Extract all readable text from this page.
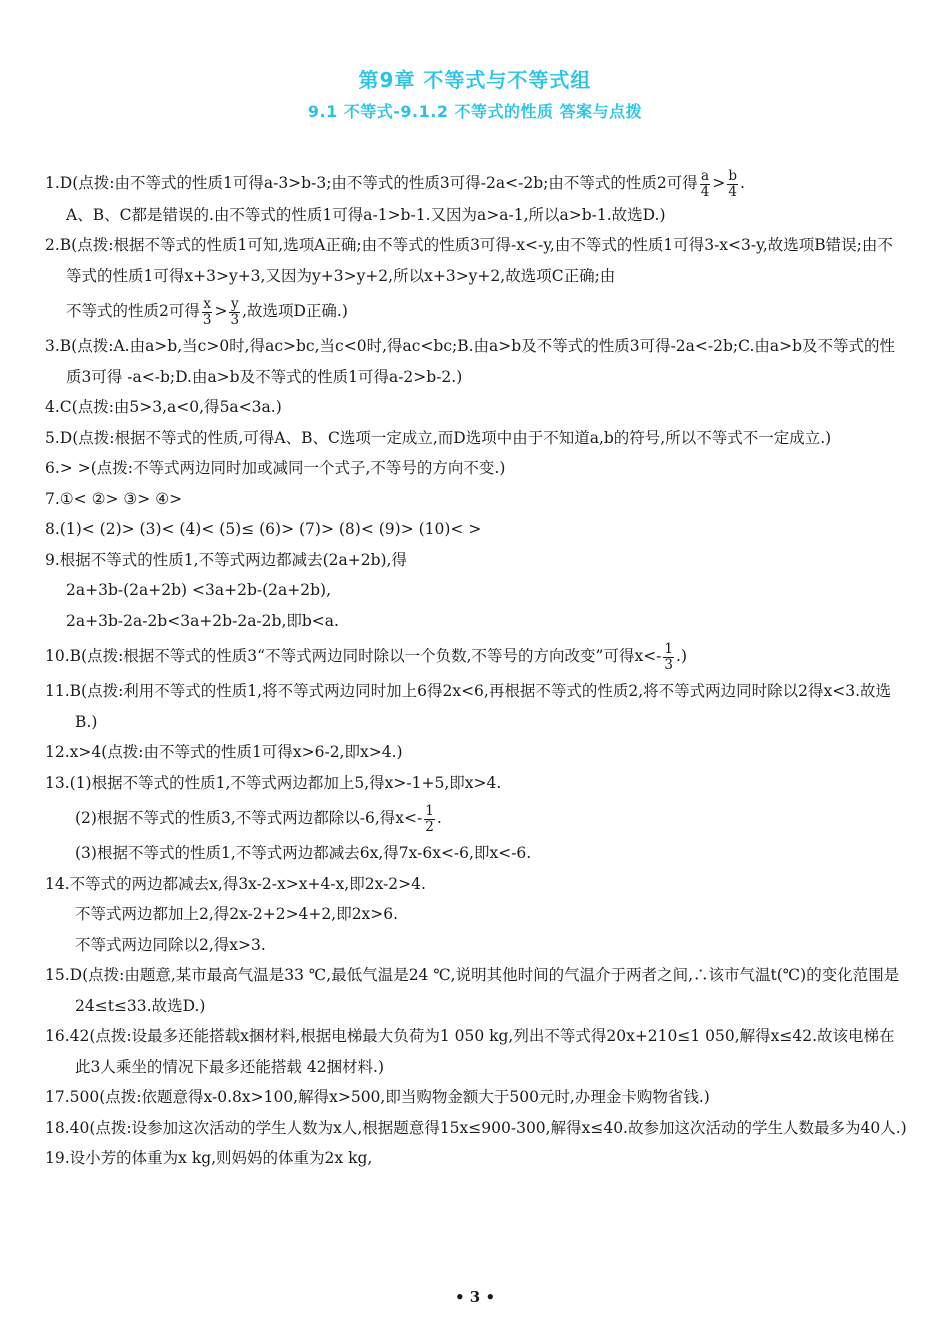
第9章 不等式与不等式组
9.1 不等式-9.1.2 不等式的性质 答案与点拨

1.D(点拨:由不等式的性质1可得a-3>b-3;由不等式的性质3可得-2a<-2b;由不等式的性质2可得 $\frac{a}{4} > \frac{b}{4}$ .

A、B、C都是错误的.由不等式的性质1可得a-1>b-1.又因为a>a-1,所以a>b-1.故选D.)

2.B(点拨:根据不等式的性质1可知,选项A正确;由不等式的性质3可得-x<-y,由不等式的性质1可得3-x<3-y,故选项B错误;由不等式的性质1可得x+3>y+3,又因为y+3>y+2,所以x+3>y+2,故选项C正确;由

不等式的性质2可得 $\frac{x}{3} > \frac{y}{3}$ ,故选项D正确.)

3.B(点拨:A.由a>b,当c>0时,得ac>bc,当c<0时,得ac<bc;B.由a>b及不等式的性质3可得-2a<-2b;C.由a>b及不等式的性质3可得 -a<-b;D.由a>b及不等式的性质1可得a-2>b-2.)

4.C(点拨:由5>3,a<0,得5a<3a.)

5.D(点拨:根据不等式的性质,可得A、B、C选项一定成立,而D选项中由于不知道a,b的符号,所以不等式不一定成立.)

6.> >(点拨:不等式两边同时加或减同一个式子,不等号的方向不变.)

7.①< ②> ③> ④>

8.(1)< (2)> (3)< (4)< (5)≤ (6)> (7)> (8)< (9)> (10)< >

9.根据不等式的性质1,不等式两边都减去(2a+2b),得

2a+3b-(2a+2b) <3a+2b-(2a+2b),

2a+3b-2a-2b<3a+2b-2a-2b,即b<a.

10.B(点拨:根据不等式的性质3“不等式两边同时除以一个负数,不等号的方向改变”可得$x<- \frac{1}{3}$ .)

11.B(点拨:利用不等式的性质1,将不等式两边同时加上6得2x<6,再根据不等式的性质2,将不等式两边同时除以2得x<3.故选B.)

12.x>4(点拨:由不等式的性质1可得x>6-2,即x>4.)

13.(1)根据不等式的性质1,不等式两边都加上5,得x>-1+5,即x>4.

(2)根据不等式的性质3,不等式两边都除以-6,得$x<- \frac{1}{2}$ .

(3)根据不等式的性质1,不等式两边都减去6x,得7x-6x<-6,即x<-6.

14.不等式的两边都减去x,得3x-2-x>x+4-x,即2x-2>4.

不等式两边都加上2,得2x-2+2>4+2,即2x>6.

不等式两边同除以2,得x>3.

15.D(点拨:由题意,某市最高气温是33 ℃,最低气温是24 ℃,说明其他时间的气温介于两者之间,∴该市气温t(℃)的变化范围是24≤t≤33.故选D.)

16.42(点拨:设最多还能搭载x捆材料,根据电梯最大负荷为1 050 kg,列出不等式得20x+210≤1 050,解得x≤42.故该电梯在此3人乘坐的情况下最多还能搭载 42捆材料.)

17.500(点拨:依题意得x-0.8x>100,解得x>500,即当购物金额大于500元时,办理金卡购物省钱.)

18.40(点拨:设参加这次活动的学生人数为x人,根据题意得15x≤900-300,解得x≤40.故参加这次活动的学生人数最多为40人.)

19.设小芳的体重为x kg,则妈妈的体重为2x kg,

• 3 •
